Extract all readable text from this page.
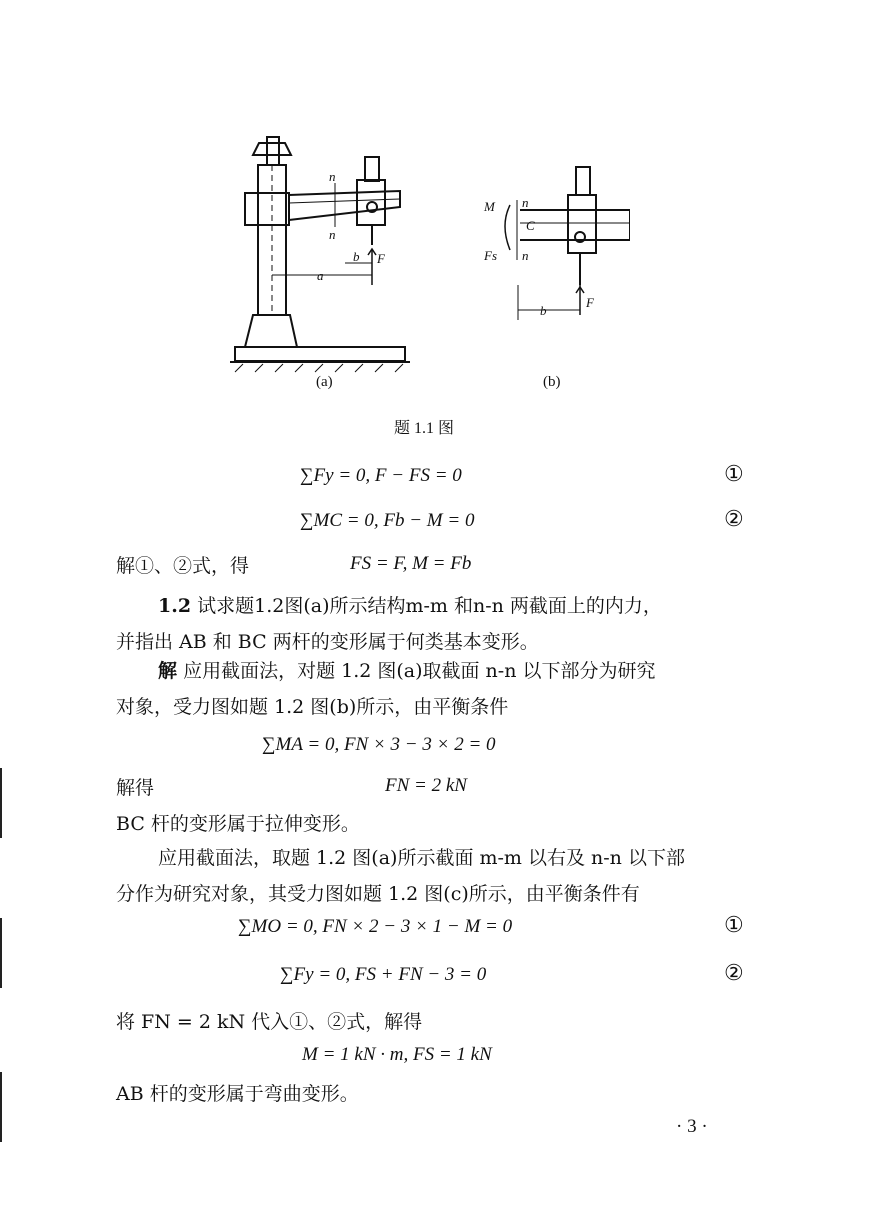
n
n
b
a
F
(a)
M n
C
Fs n
b
F
(b)
题 1.1 图
∑Fy = 0, F − FS = 0	①
∑MC = 0, Fb − M = 0	②
解①、②式，得	FS = F, M = Fb
1.2 试求题1.2图(a)所示结构m-m 和n-n 两截面上的内力，
并指出 AB 和 BC 两杆的变形属于何类基本变形。
解 应用截面法，对题 1.2 图(a)取截面 n-n 以下部分为研究
对象，受力图如题 1.2 图(b)所示，由平衡条件
∑MA = 0, FN × 3 − 3 × 2 = 0
解得	FN = 2 kN
BC 杆的变形属于拉伸变形。
应用截面法，取题 1.2 图(a)所示截面 m-m 以右及 n-n 以下部
分作为研究对象，其受力图如题 1.2 图(c)所示，由平衡条件有
∑MO = 0, FN × 2 − 3 × 1 − M = 0	①
∑Fy = 0, FS + FN − 3 = 0	②
将 FN = 2 kN 代入①、②式，解得
M = 1 kN · m, FS = 1 kN
AB 杆的变形属于弯曲变形。
· 3 ·
